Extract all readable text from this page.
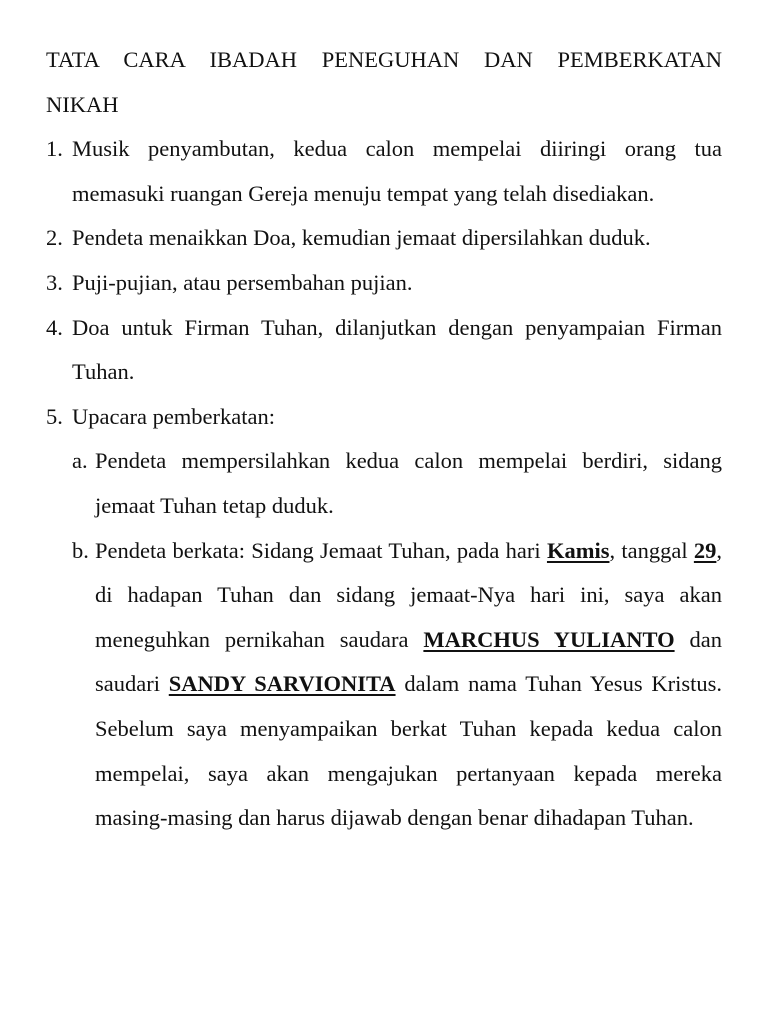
TATA CARA IBADAH PENEGUHAN DAN PEMBERKATAN

NIKAH

1. Musik penyambutan, kedua calon mempelai diiringi orang tua memasuki ruangan Gereja menuju tempat yang telah disediakan.
2. Pendeta menaikkan Doa, kemudian jemaat dipersilahkan duduk.
3. Puji-pujian, atau persembahan pujian.
4. Doa untuk Firman Tuhan, dilanjutkan dengan penyampaian Firman Tuhan.
5. Upacara pemberkatan:
a. Pendeta mempersilahkan kedua calon mempelai berdiri, sidang jemaat Tuhan tetap duduk.
b. Pendeta berkata: Sidang Jemaat Tuhan, pada hari Kamis, tanggal 29, di hadapan Tuhan dan sidang jemaat-Nya hari ini, saya akan meneguhkan pernikahan saudara MARCHUS YULIANTO dan saudari SANDY SARVIONITA dalam nama Tuhan Yesus Kristus. Sebelum saya menyampaikan berkat Tuhan kepada kedua calon mempelai, saya akan mengajukan pertanyaan kepada mereka masing-masing dan harus dijawab dengan benar dihadapan Tuhan.
